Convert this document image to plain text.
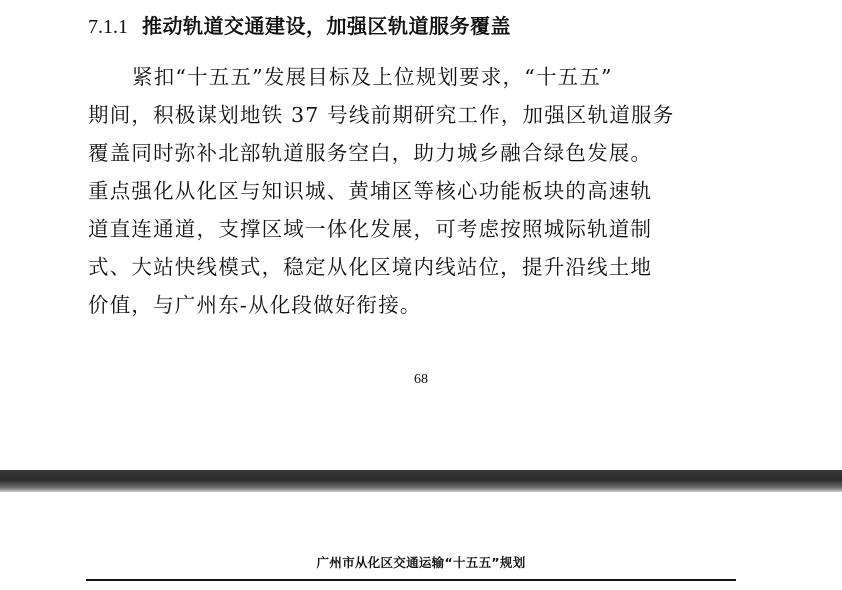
7.1.1 推动轨道交通建设，加强区轨道服务覆盖
紧扣“十五五”发展目标及上位规划要求，“十五五”
期间，积极谋划地铁 37 号线前期研究工作，加强区轨道服务
覆盖同时弥补北部轨道服务空白，助力城乡融合绿色发展。
重点强化从化区与知识城、黄埔区等核心功能板块的高速轨
道直连通道，支撑区域一体化发展，可考虑按照城际轨道制
式、大站快线模式，稳定从化区境内线站位，提升沿线土地
价值，与广州东-从化段做好衔接。
68
广州市从化区交通运输“十五五”规划
